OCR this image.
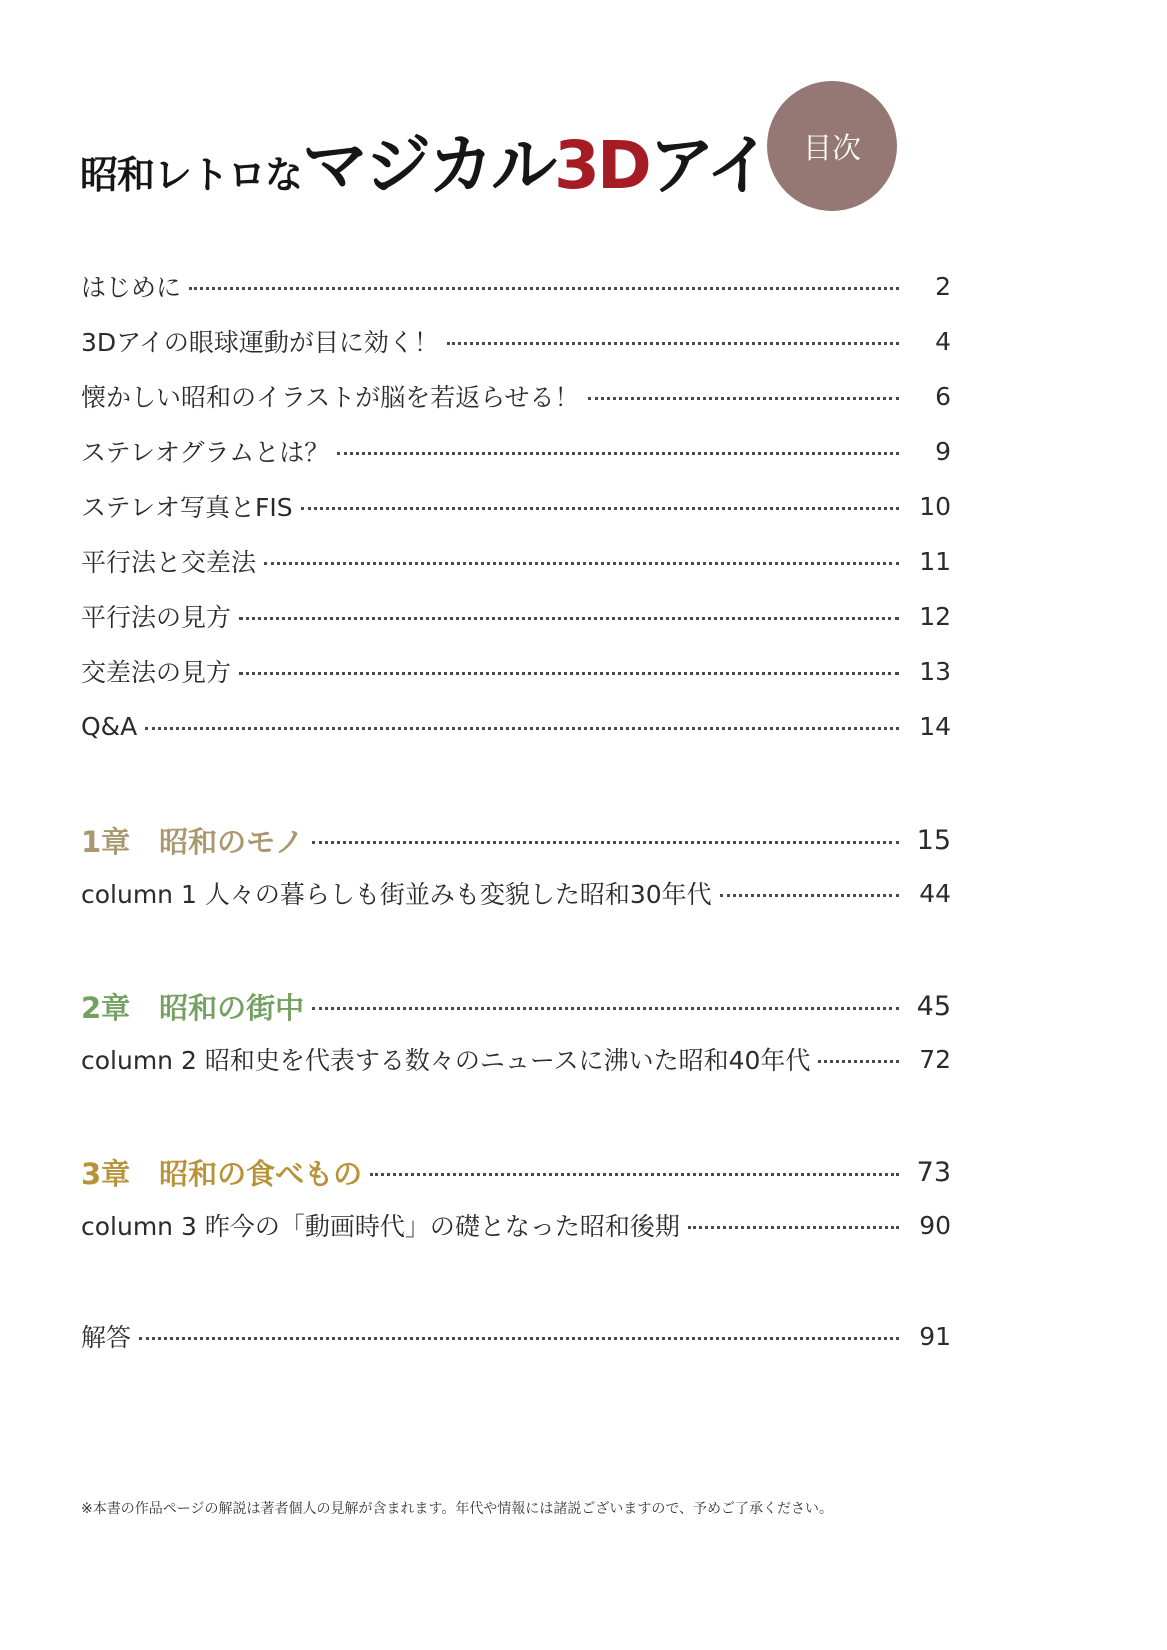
昭和レトロなマジカル3Dアイ	目次
はじめに	2
3Dアイの眼球運動が目に効く！	4
懐かしい昭和のイラストが脳を若返らせる！	6
ステレオグラムとは？	9
ステレオ写真とFIS	10
平行法と交差法	11
平行法の見方	12
交差法の見方	13
Q&A	14
1章　昭和のモノ	15
column 1 人々の暮らしも街並みも変貌した昭和30年代	44
2章　昭和の街中	45
column 2 昭和史を代表する数々のニュースに沸いた昭和40年代	72
3章　昭和の食べもの	73
column 3 昨今の「動画時代」の礎となった昭和後期	90
解答	91
※本書の作品ページの解説は著者個人の見解が含まれます。年代や情報には諸説ございますので、予めご了承ください。
